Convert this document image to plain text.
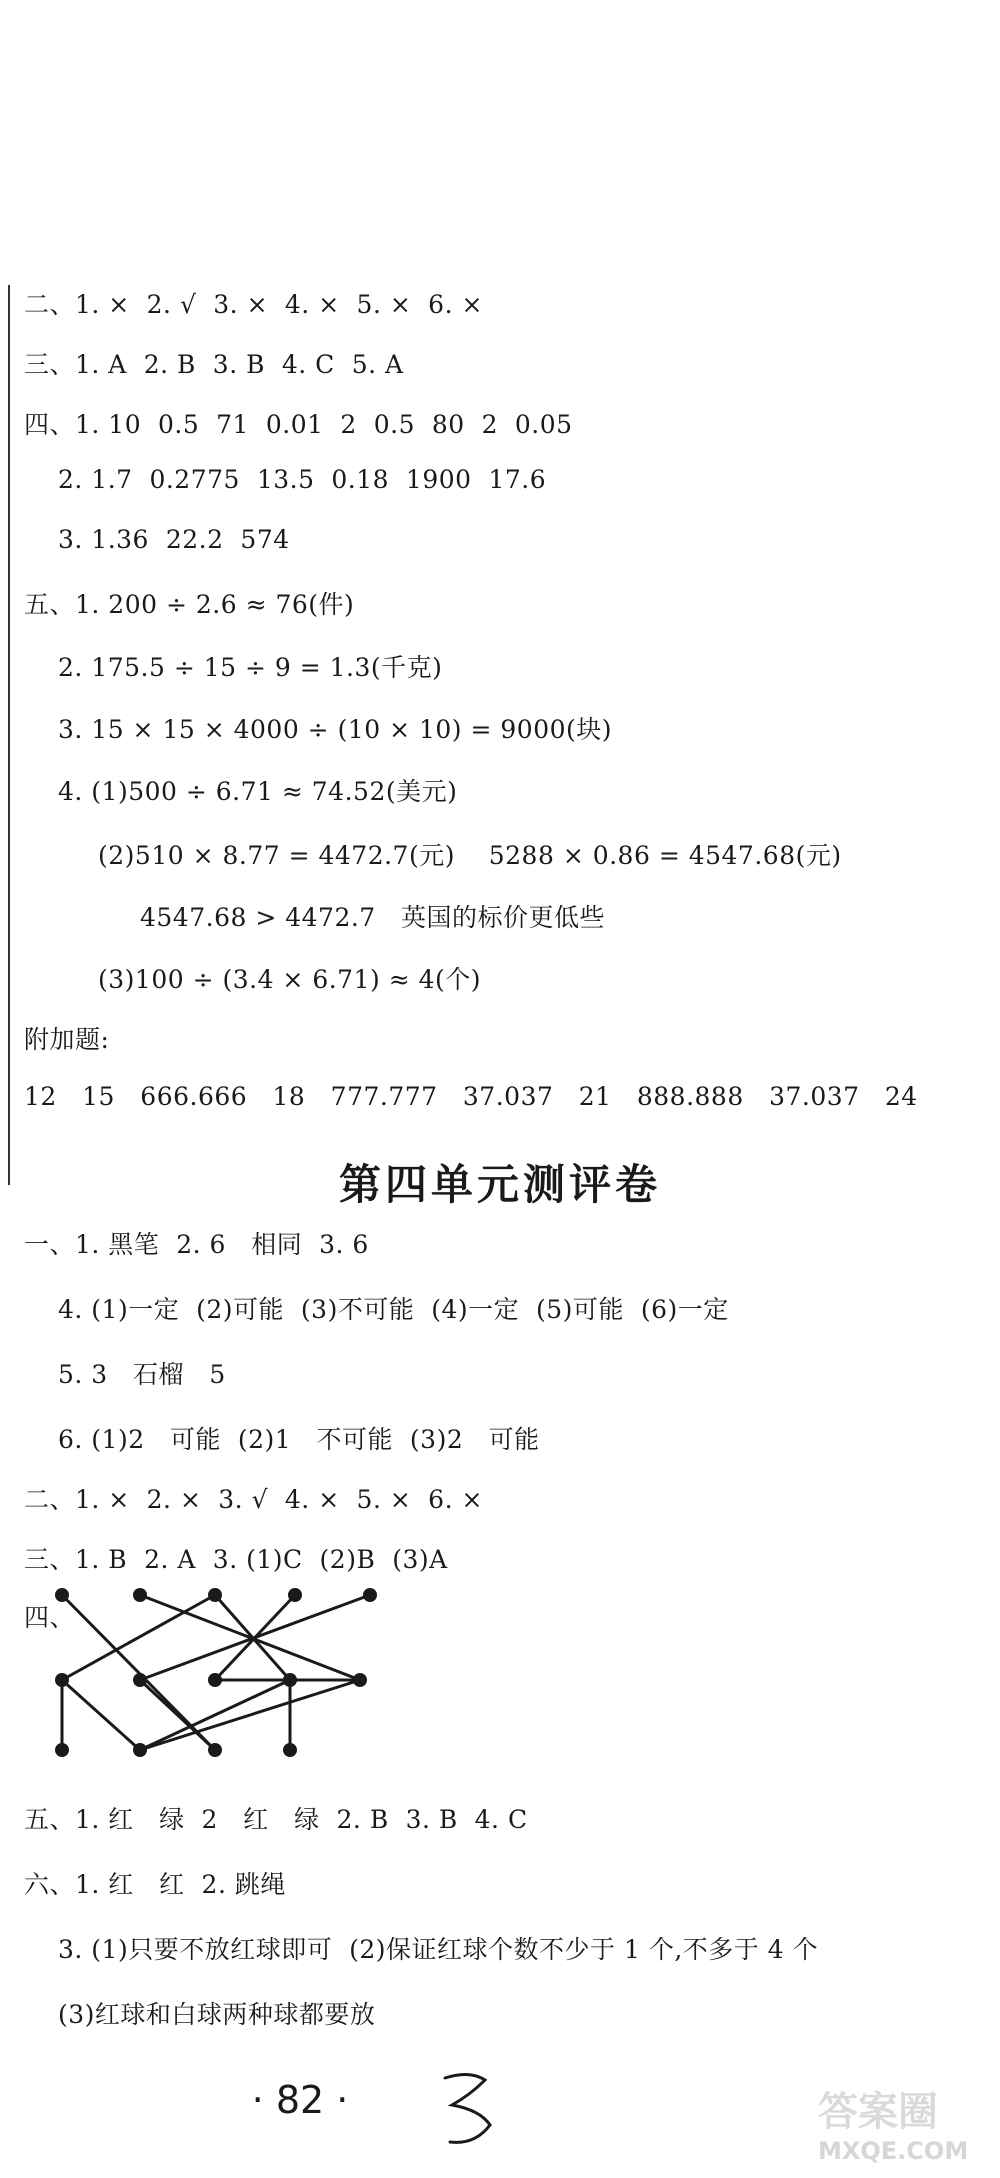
二、1. ×  2. √  3. ×  4. ×  5. ×  6. ×
三、1. A  2. B  3. B  4. C  5. A
四、1. 10  0.5  71  0.01  2  0.5  80  2  0.05
2. 1.7  0.2775  13.5  0.18  1900  17.6
3. 1.36  22.2  574
五、1. 200 ÷ 2.6 ≈ 76(件)
2. 175.5 ÷ 15 ÷ 9 = 1.3(千克)
3. 15 × 15 × 4000 ÷ (10 × 10) = 9000(块)
4. (1)500 ÷ 6.71 ≈ 74.52(美元)
(2)510 × 8.77 = 4472.7(元)    5288 × 0.86 = 4547.68(元)
4547.68 > 4472.7   英国的标价更低些
(3)100 ÷ (3.4 × 6.71) ≈ 4(个)
附加题:
12   15   666.666   18   777.777   37.037   21   888.888   37.037   24
第四单元测评卷
一、1. 黑笔  2. 6   相同  3. 6
4. (1)一定  (2)可能  (3)不可能  (4)一定  (5)可能  (6)一定
5. 3   石榴   5
6. (1)2   可能  (2)1   不可能  (3)2   可能
二、1. ×  2. ×  3. √  4. ×  5. ×  6. ×
三、1. B  2. A  3. (1)C  (2)B  (3)A
四、
五、1. 红   绿  2   红   绿  2. B  3. B  4. C
六、1. 红   红  2. 跳绳
3. (1)只要不放红球即可  (2)保证红球个数不少于 1 个,不多于 4 个
(3)红球和白球两种球都要放
· 82 ·	答案圈
MXQE.COM
